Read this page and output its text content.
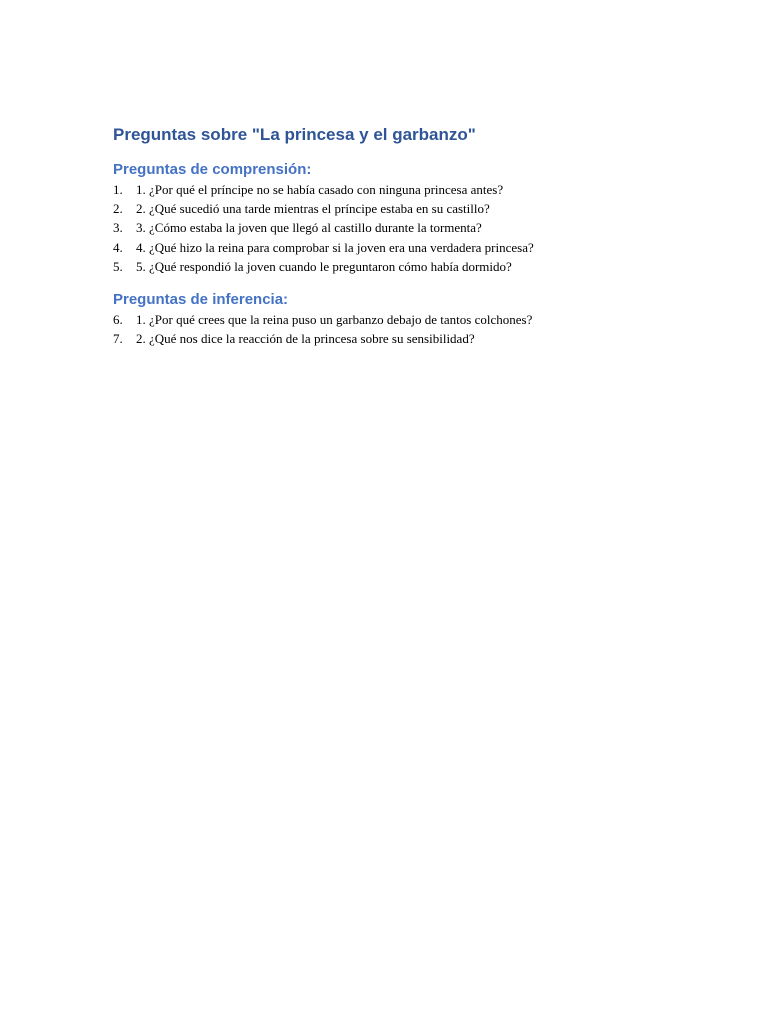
Preguntas sobre "La princesa y el garbanzo"
Preguntas de comprensión:
1.	1. ¿Por qué el príncipe no se había casado con ninguna princesa antes?
2.	2. ¿Qué sucedió una tarde mientras el príncipe estaba en su castillo?
3.	3. ¿Cómo estaba la joven que llegó al castillo durante la tormenta?
4.	4. ¿Qué hizo la reina para comprobar si la joven era una verdadera princesa?
5.	5. ¿Qué respondió la joven cuando le preguntaron cómo había dormido?
Preguntas de inferencia:
6.	1. ¿Por qué crees que la reina puso un garbanzo debajo de tantos colchones?
7.	2. ¿Qué nos dice la reacción de la princesa sobre su sensibilidad?
